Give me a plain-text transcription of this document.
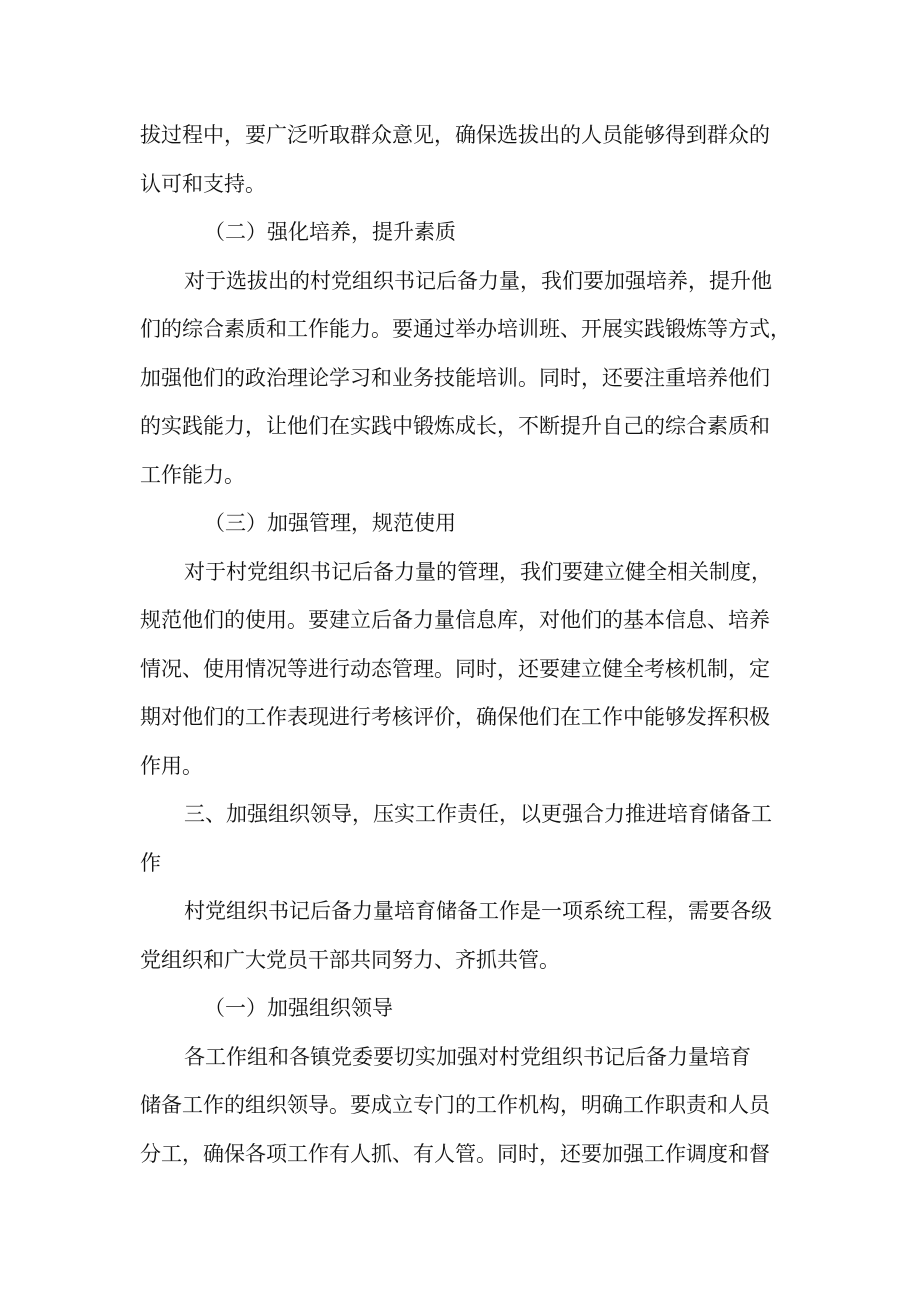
拔过程中，要广泛听取群众意见，确保选拔出的人员能够得到群众的
认可和支持。
（二）强化培养，提升素质
对于选拔出的村党组织书记后备力量，我们要加强培养，提升他
们的综合素质和工作能力。要通过举办培训班、开展实践锻炼等方式，
加强他们的政治理论学习和业务技能培训。同时，还要注重培养他们
的实践能力，让他们在实践中锻炼成长，不断提升自己的综合素质和
工作能力。
（三）加强管理，规范使用
对于村党组织书记后备力量的管理，我们要建立健全相关制度，
规范他们的使用。要建立后备力量信息库，对他们的基本信息、培养
情况、使用情况等进行动态管理。同时，还要建立健全考核机制，定
期对他们的工作表现进行考核评价，确保他们在工作中能够发挥积极
作用。
三、加强组织领导，压实工作责任，以更强合力推进培育储备工
作
村党组织书记后备力量培育储备工作是一项系统工程，需要各级
党组织和广大党员干部共同努力、齐抓共管。
（一）加强组织领导
各工作组和各镇党委要切实加强对村党组织书记后备力量培育
储备工作的组织领导。要成立专门的工作机构，明确工作职责和人员
分工，确保各项工作有人抓、有人管。同时，还要加强工作调度和督
